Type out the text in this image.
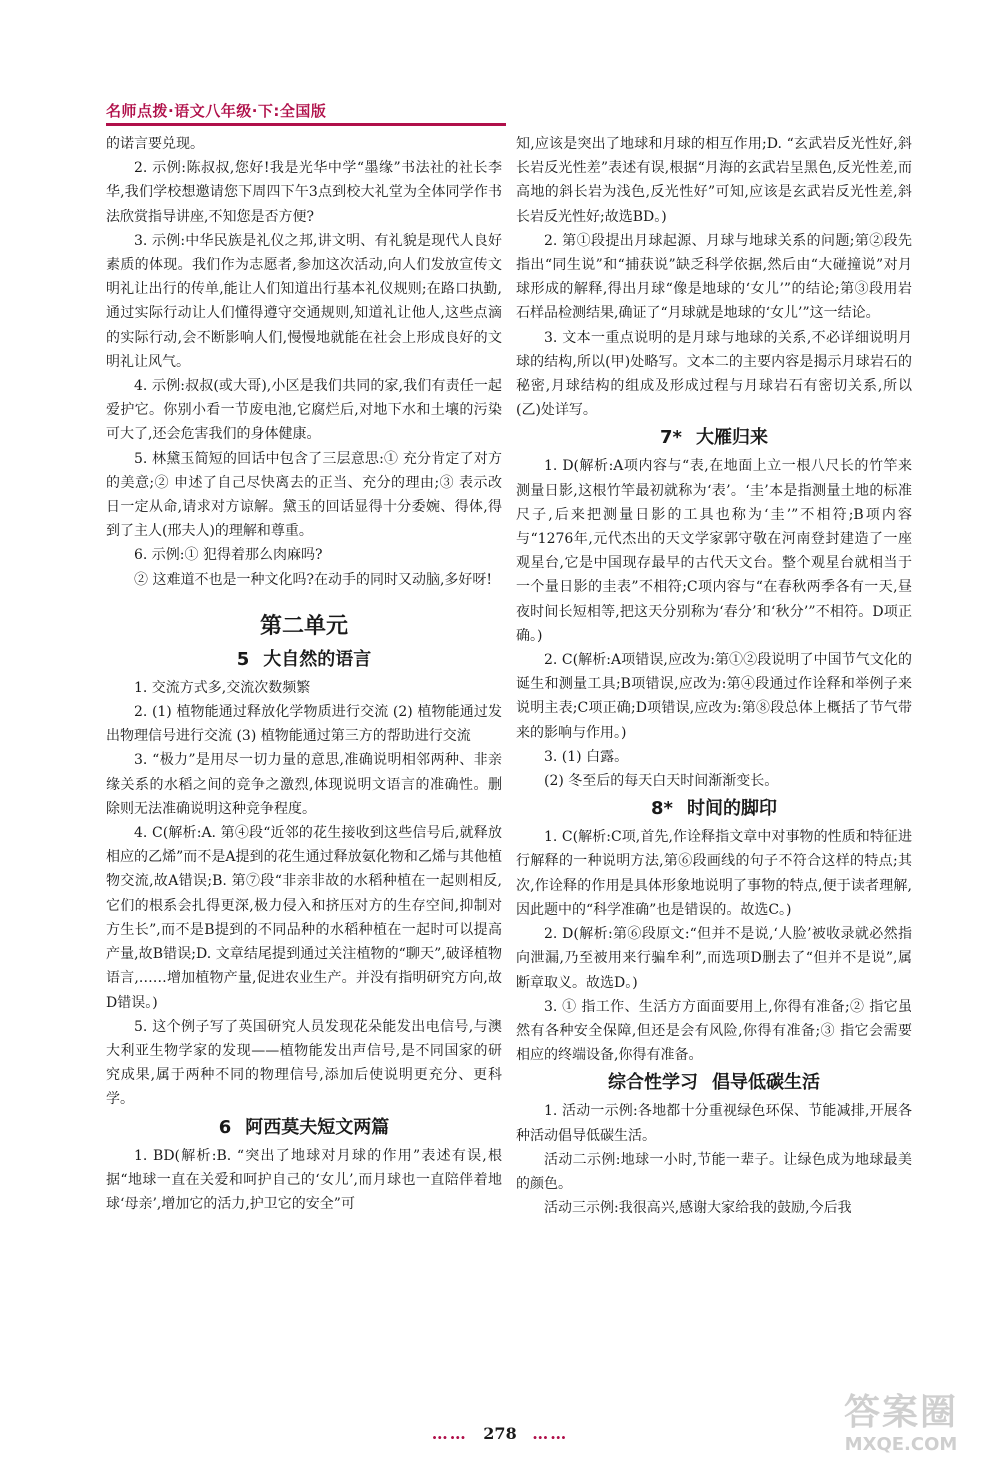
名师点拨·语文八年级·下:全国版

的诺言要兑现。

2. 示例:陈叔叔,您好!我是光华中学“墨缘”书法社的社长李华,我们学校想邀请您下周四下午3点到校大礼堂为全体同学作书法欣赏指导讲座,不知您是否方便?

3. 示例:中华民族是礼仪之邦,讲文明、有礼貌是现代人良好素质的体现。我们作为志愿者,参加这次活动,向人们发放宣传文明礼让出行的传单,能让人们知道出行基本礼仪规则;在路口执勤,通过实际行动让人们懂得遵守交通规则,知道礼让他人,这些点滴的实际行动,会不断影响人们,慢慢地就能在社会上形成良好的文明礼让风气。

4. 示例:叔叔(或大哥),小区是我们共同的家,我们有责任一起爱护它。你别小看一节废电池,它腐烂后,对地下水和土壤的污染可大了,还会危害我们的身体健康。

5. 林黛玉简短的回话中包含了三层意思:① 充分肯定了对方的美意;② 申述了自己尽快离去的正当、充分的理由;③ 表示改日一定从命,请求对方谅解。黛玉的回话显得十分委婉、得体,得到了主人(邢夫人)的理解和尊重。

6. 示例:① 犯得着那么肉麻吗?

② 这难道不也是一种文化吗?在动手的同时又动脑,多好呀!

第二单元
5 大自然的语言

1. 交流方式多,交流次数频繁

2. (1) 植物能通过释放化学物质进行交流 (2) 植物能通过发出物理信号进行交流 (3) 植物能通过第三方的帮助进行交流

3. “极力”是用尽一切力量的意思,准确说明相邻两种、非亲缘关系的水稻之间的竞争之激烈,体现说明文语言的准确性。删除则无法准确说明这种竞争程度。

4. C(解析:A. 第④段“近邻的花生接收到这些信号后,就释放相应的乙烯”而不是A提到的花生通过释放氨化物和乙烯与其他植物交流,故A错误;B. 第⑦段“非亲非故的水稻种植在一起则相反,它们的根系会扎得更深,极力侵入和挤压对方的生存空间,抑制对方生长”,而不是B提到的不同品种的水稻种植在一起时可以提高产量,故B错误;D. 文章结尾提到通过关注植物的“聊天”,破译植物语言,……增加植物产量,促进农业生产。并没有指明研究方向,故D错误。)

5. 这个例子写了英国研究人员发现花朵能发出电信号,与澳大利亚生物学家的发现——植物能发出声信号,是不同国家的研究成果,属于两种不同的物理信号,添加后使说明更充分、更科学。

6 阿西莫夫短文两篇

1. BD(解析:B. “突出了地球对月球的作用”表述有误,根据“地球一直在关爱和呵护自己的‘女儿’,而月球也一直陪伴着地球‘母亲’,增加它的活力,护卫它的安全”可

知,应该是突出了地球和月球的相互作用;D. “玄武岩反光性好,斜长岩反光性差”表述有误,根据“月海的玄武岩呈黑色,反光性差,而高地的斜长岩为浅色,反光性好”可知,应该是玄武岩反光性差,斜长岩反光性好;故选BD。)

2. 第①段提出月球起源、月球与地球关系的问题;第②段先指出“同生说”和“捕获说”缺乏科学依据,然后由“大碰撞说”对月球形成的解释,得出月球“像是地球的‘女儿’”的结论;第③段用岩石样品检测结果,确证了“月球就是地球的‘女儿’”这一结论。

3. 文本一重点说明的是月球与地球的关系,不必详细说明月球的结构,所以(甲)处略写。文本二的主要内容是揭示月球岩石的秘密,月球结构的组成及形成过程与月球岩石有密切关系,所以(乙)处详写。

7* 大雁归来

1. D(解析:A项内容与“表,在地面上立一根八尺长的竹竿来测量日影,这根竹竿最初就称为‘表’。‘圭’本是指测量土地的标准尺子,后来把测量日影的工具也称为‘圭’”不相符;B项内容与“1276年,元代杰出的天文学家郭守敬在河南登封建造了一座观星台,它是中国现存最早的古代天文台。整个观星台就相当于一个量日影的圭表”不相符;C项内容与“在春秋两季各有一天,昼夜时间长短相等,把这天分别称为‘春分’和‘秋分’”不相符。D项正确。)

2. C(解析:A项错误,应改为:第①②段说明了中国节气文化的诞生和测量工具;B项错误,应改为:第④段通过作诠释和举例子来说明主表;C项正确;D项错误,应改为:第⑧段总体上概括了节气带来的影响与作用。)

3. (1) 白露。

(2) 冬至后的每天白天时间渐渐变长。

8* 时间的脚印

1. C(解析:C项,首先,作诠释指文章中对事物的性质和特征进行解释的一种说明方法,第⑥段画线的句子不符合这样的特点;其次,作诠释的作用是具体形象地说明了事物的特点,便于读者理解,因此题中的“科学准确”也是错误的。故选C。)

2. D(解析:第⑥段原文:“但并不是说,‘人脸’被收录就必然指向泄漏,乃至被用来行骗牟利”,而选项D删去了“但并不是说”,属断章取义。故选D。)

3. ① 指工作、生活方方面面要用上,你得有准备;② 指它虽然有各种安全保障,但还是会有风险,你得有准备;③ 指它会需要相应的终端设备,你得有准备。

综合性学习 倡导低碳生活

1. 活动一示例:各地都十分重视绿色环保、节能减排,开展各种活动倡导低碳生活。

活动二示例:地球一小时,节能一辈子。让绿色成为地球最美的颜色。

活动三示例:我很高兴,感谢大家给我的鼓励,今后我

…… 278 ……
答案圈
MXQE.COM
